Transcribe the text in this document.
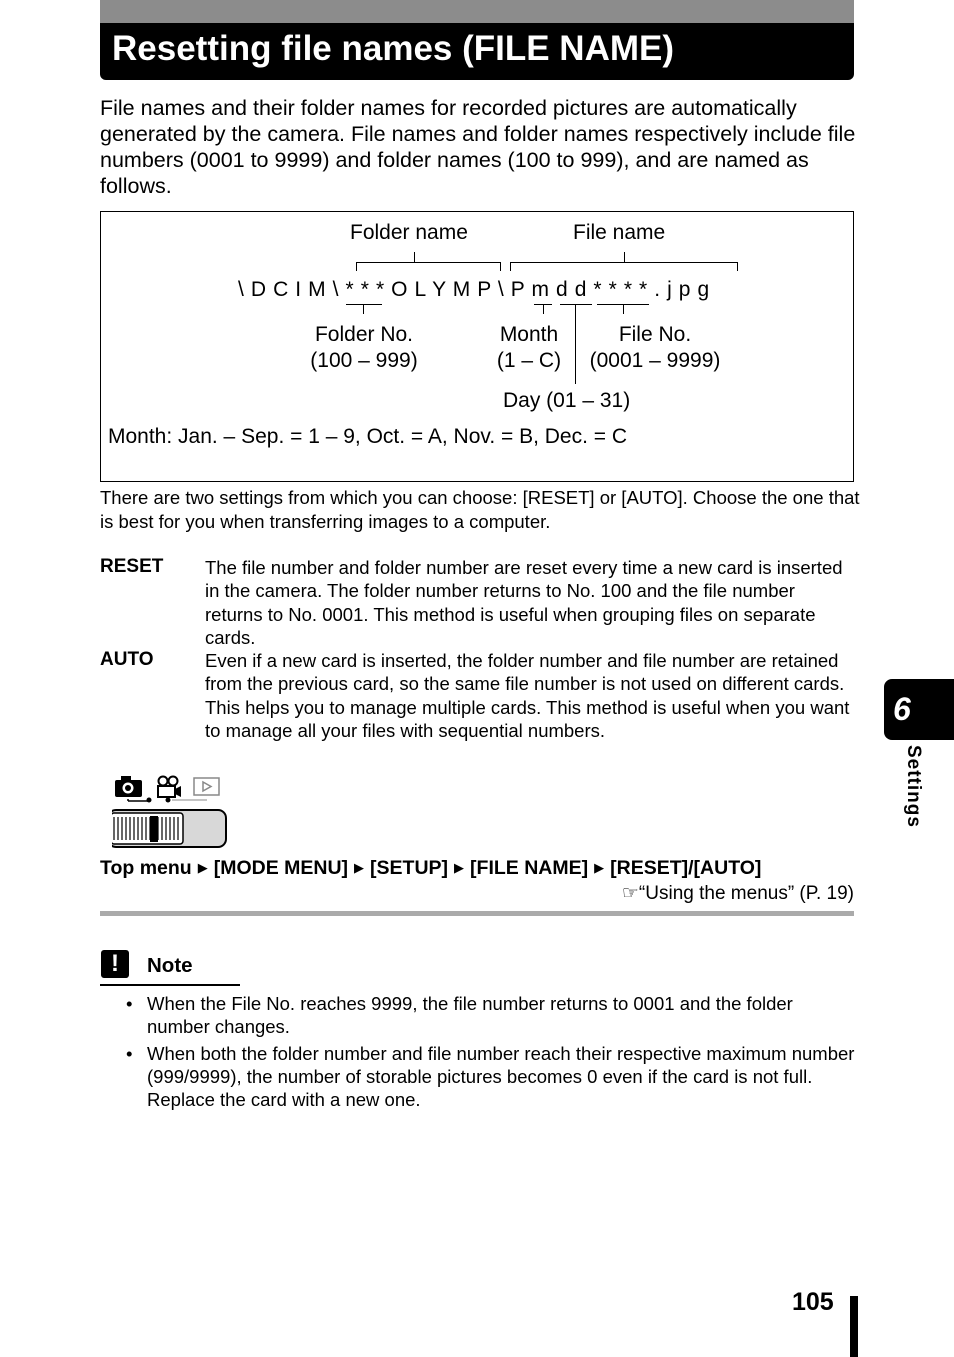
Resetting file names (FILE NAME)

File names and their folder names for recorded pictures are automatically generated by the camera. File names and folder names respectively include file numbers (0001 to 9999) and folder names (100 to 999), and are named as follows.

Folder name	File name
\ D C I M \ * * * O L Y M P \ P m d d * * * * . j p g
Folder No.
(100 – 999)
Month
(1 – C)
File No.
(0001 – 9999)
Day (01 – 31)
Month: Jan. – Sep. = 1 – 9, Oct. = A, Nov. = B, Dec. = C

There are two settings from which you can choose: [RESET] or [AUTO]. Choose the one that is best for you when transferring images to a computer.

RESET The file number and folder number are reset every time a new card is inserted in the camera. The folder number returns to No. 100 and the file number returns to No. 0001. This method is useful when grouping files on separate cards.

AUTO	Even if a new card is inserted, the folder number and file number are retained from the previous card, so the same file number is not used on different cards. This helps you to manage multiple cards. This method is useful when you want to manage all your files with sequential numbers.

Top menu ▶ [MODE MENU] ▶ [SETUP] ▶ [FILE NAME] ▶ [RESET]/[AUTO]
☞“Using the menus” (P. 19)
!	Note
• When the File No. reaches 9999, the file number returns to 0001 and the folder number changes.
• When both the folder number and file number reach their respective maximum number (999/9999), the number of storable pictures becomes 0 even if the card is not full. Replace the card with a new one.
6
Settings
105
